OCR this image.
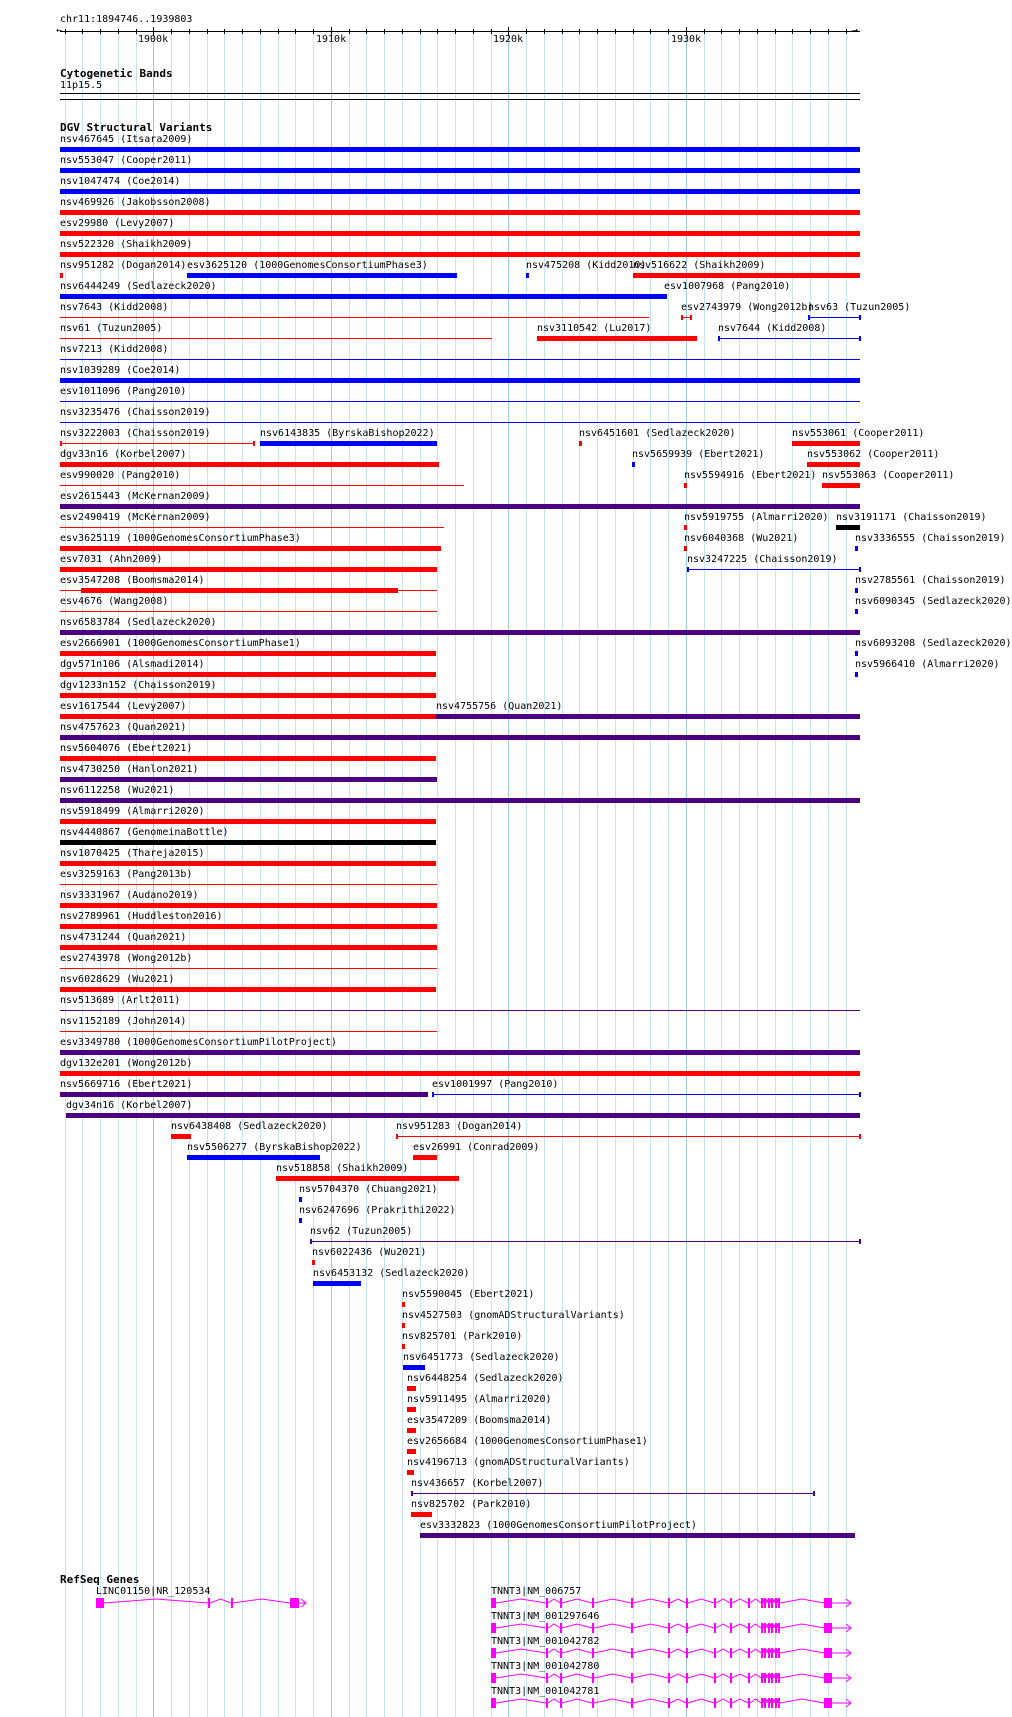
chr11:1894746..1939803
←	→
1900k	1910k	1920k	1930k
Cytogenetic Bands
11p15.5
DGV Structural Variants
RefSeq Genes
nsv467645 (Itsara2009)
nsv553047 (Cooper2011)
nsv1047474 (Coe2014)
nsv469926 (Jakobsson2008)
esv29980 (Levy2007)
nsv522320 (Shaikh2009)
nsv951282 (Dogan2014) esv3625120 (1000GenomesConsortiumPhase3)	nsv475208 (Kidd2010)
nsv516622 (Shaikh2009)
nsv6444249 (Sedlazeck2020)	esv1007968 (Pang2010)
nsv7643 (Kidd2008)	esv2743979 (Wong2012b)
nsv63 (Tuzun2005)
nsv61 (Tuzun2005)	nsv3110542 (Lu2017)	nsv7644 (Kidd2008)
nsv7213 (Kidd2008)
nsv1039289 (Coe2014)
esv1011096 (Pang2010)
nsv3235476 (Chaisson2019)
nsv3222003 (Chaisson2019)	nsv6143835 (ByrskaBishop2022)	nsv6451601 (Sedlazeck2020)	nsv553061 (Cooper2011)
dgv33n16 (Korbel2007)	nsv5659939 (Ebert2021)	nsv553062 (Cooper2011)
esv990020 (Pang2010)	nsv5594916 (Ebert2021) nsv553063 (Cooper2011)
esv2615443 (McKernan2009)
esv2490419 (McKernan2009)	nsv5919755 (Almarri2020) nsv3191171 (Chaisson2019)
esv3625119 (1000GenomesConsortiumPhase3)	nsv6040368 (Wu2021)	nsv3336555 (Chaisson2019)
esv7031 (Ahn2009)	nsv3247225 (Chaisson2019)
esv3547208 (Boomsma2014)	nsv2785561 (Chaisson2019)
esv4676 (Wang2008)	nsv6090345 (Sedlazeck2020)
nsv6583784 (Sedlazeck2020)
esv2666901 (1000GenomesConsortiumPhase1)	nsv6093208 (Sedlazeck2020)
dgv571n106 (Alsmadi2014)	nsv5966410 (Almarri2020)
dgv1233n152 (Chaisson2019)
esv1617544 (Levy2007)	nsv4755756 (Quan2021)
nsv4757623 (Quan2021)
nsv5604076 (Ebert2021)
nsv4730250 (Hanlon2021)
nsv6112258 (Wu2021)
nsv5918499 (Almarri2020)
nsv4440867 (GenomeinaBottle)
nsv1070425 (Thareja2015)
esv3259163 (Pang2013b)
nsv3331967 (Audano2019)
nsv2789961 (Huddleston2016)
nsv4731244 (Quan2021)
esv2743978 (Wong2012b)
nsv6028629 (Wu2021)
nsv513689 (Arlt2011)
nsv1152189 (John2014)
esv3349780 (1000GenomesConsortiumPilotProject)
dgv132e201 (Wong2012b)
nsv5669716 (Ebert2021)	esv1001997 (Pang2010)
dgv34n16 (Korbel2007)
nsv6438408 (Sedlazeck2020)	nsv951283 (Dogan2014)
nsv5506277 (ByrskaBishop2022)	esv26991 (Conrad2009)
nsv518858 (Shaikh2009)
nsv5704370 (Chuang2021)
nsv6247696 (Prakrithi2022)
nsv62 (Tuzun2005)
nsv6022436 (Wu2021)
nsv6453132 (Sedlazeck2020)
nsv5590045 (Ebert2021)
nsv4527503 (gnomADStructuralVariants)
nsv825701 (Park2010)
nsv6451773 (Sedlazeck2020)
nsv6448254 (Sedlazeck2020)
nsv5911495 (Almarri2020)
esv3547209 (Boomsma2014)
esv2656684 (1000GenomesConsortiumPhase1)
nsv4196713 (gnomADStructuralVariants)
nsv436657 (Korbel2007)
nsv825702 (Park2010)
esv3332823 (1000GenomesConsortiumPilotProject)
LINC01150|NR_120534	TNNT3|NM_006757
TNNT3|NM_001297646
TNNT3|NM_001042782
TNNT3|NM_001042780
TNNT3|NM_001042781
